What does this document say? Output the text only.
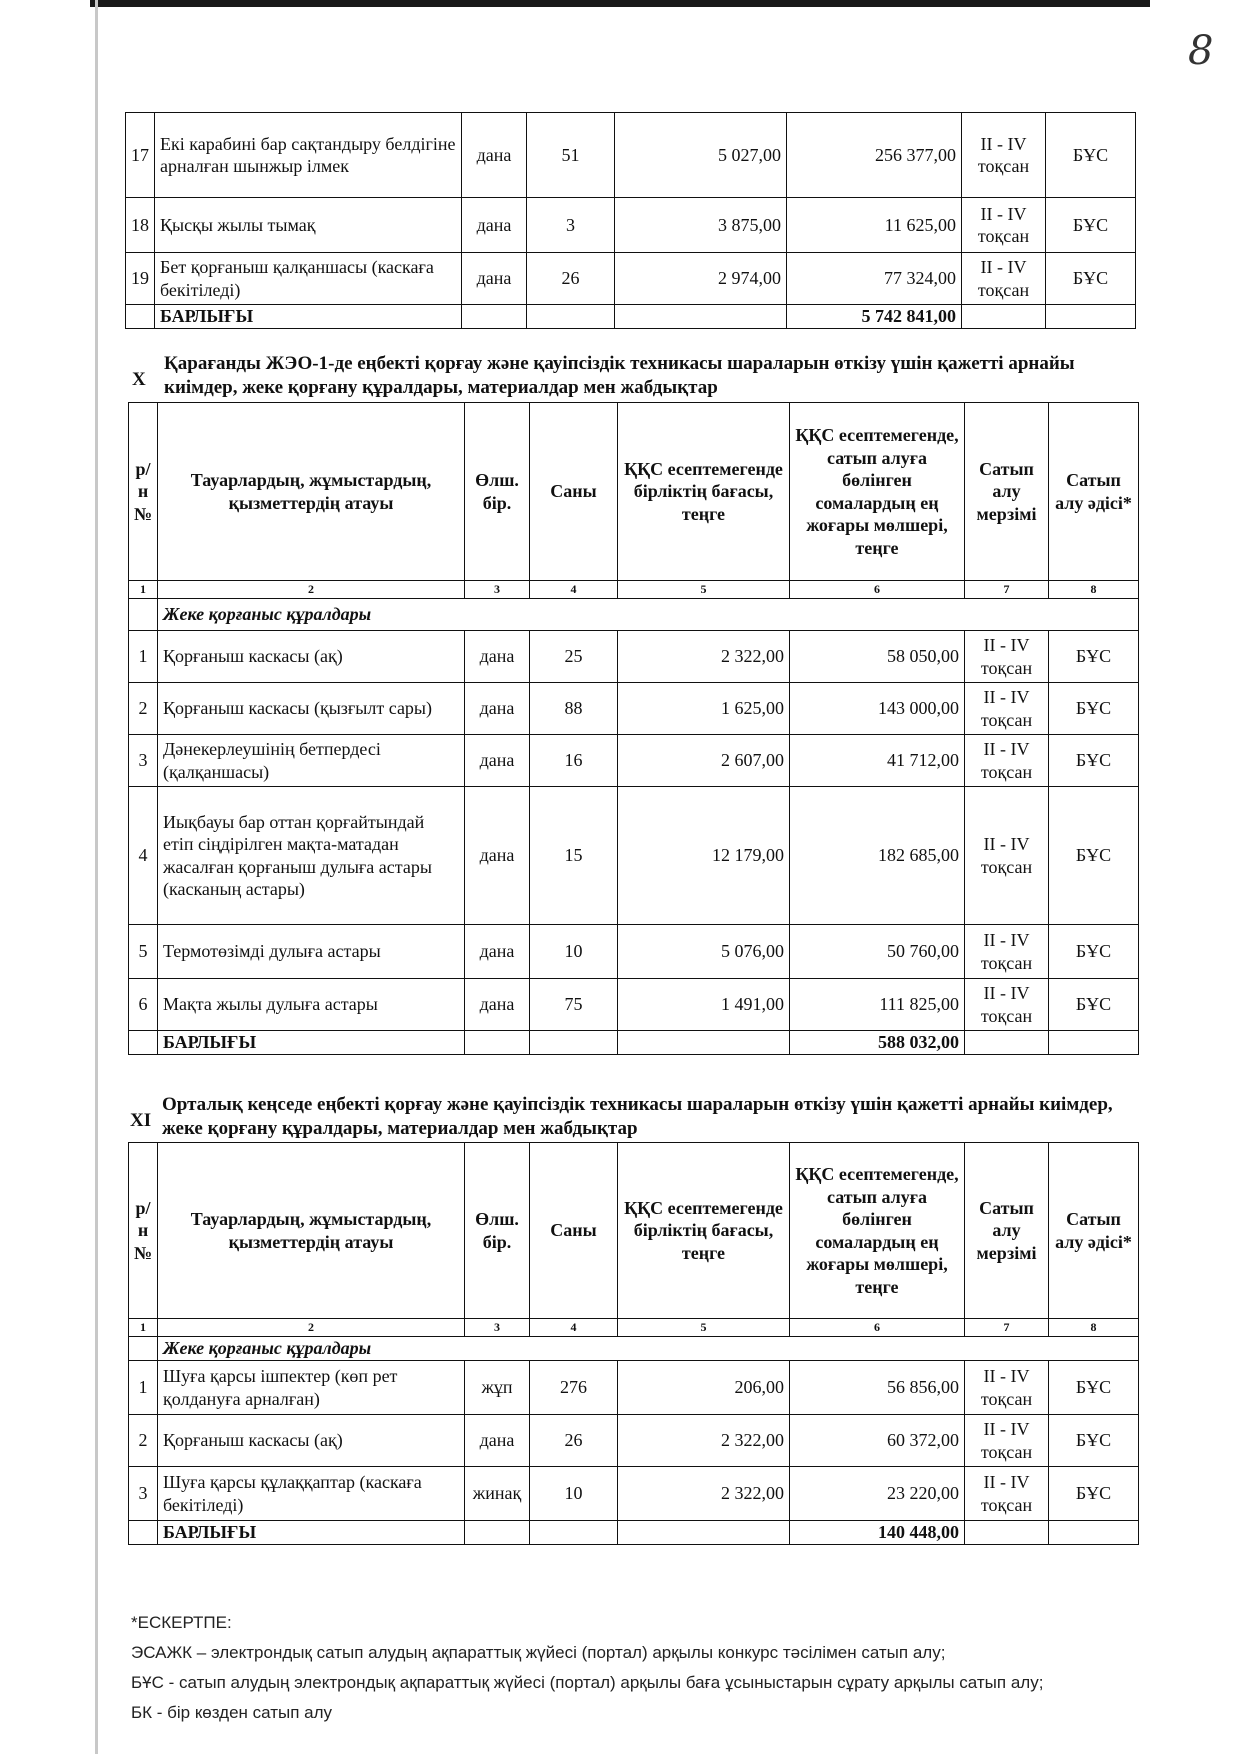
8
17	Екі карабині бар сақтандыру белдігіне арналған шынжыр ілмек	дана	51	5 027,00	256 377,00	II - IV тоқсан	БҰС
18	Қысқы жылы тымақ	дана	3	3 875,00	11 625,00	II - IV тоқсан	БҰС
19	Бет қорғаныш қалқаншасы (каскаға бекітіледі)	дана	26	2 974,00	77 324,00	II - IV тоқсан	БҰС
	БАРЛЫҒЫ				5 742 841,00		
X
Қарағанды ЖЭО-1-де еңбекті қорғау және қауіпсіздік техникасы шараларын өткізу үшін қажетті арнайы киімдер, жеке қорғану құралдары, материалдар мен жабдықтар
р/н №	Тауарлардың, жұмыстардың, қызметтердің атауы	Өлш. бір.	Саны	ҚҚС есептемегенде бірліктің бағасы, теңге	ҚҚС есептемегенде, сатып алуға бөлінген сомалардың ең жоғары мөлшері, теңге	Сатып алу мерзімі	Сатып алу әдісі*
1	2	3	4	5	6	7	8
	Жеке қорғаныс құралдары						
1	Қорғаныш каскасы (ақ)	дана	25	2 322,00	58 050,00	II - IV тоқсан	БҰС
2	Қорғаныш каскасы (қызғылт сары)	дана	88	1 625,00	143 000,00	II - IV тоқсан	БҰС
3	Дәнекерлеушінің бетпердесі (қалқаншасы)	дана	16	2 607,00	41 712,00	II - IV тоқсан	БҰС
4	Иықбауы бар оттан қорғайтындай етіп сіңдірілген мақта-матадан жасалған қорғаныш дулыға астары (касканың астары)	дана	15	12 179,00	182 685,00	II - IV тоқсан	БҰС
5	Термотөзімді дулыға астары	дана	10	5 076,00	50 760,00	II - IV тоқсан	БҰС
6	Мақта жылы дулыға астары	дана	75	1 491,00	111 825,00	II - IV тоқсан	БҰС
	БАРЛЫҒЫ				588 032,00		
XI
Орталық кеңседе еңбекті қорғау және қауіпсіздік техникасы шараларын өткізу үшін қажетті арнайы киімдер, жеке қорғану құралдары, материалдар мен жабдықтар
р/н №	Тауарлардың, жұмыстардың, қызметтердің атауы	Өлш. бір.	Саны	ҚҚС есептемегенде бірліктің бағасы, теңге	ҚҚС есептемегенде, сатып алуға бөлінген сомалардың ең жоғары мөлшері, теңге	Сатып алу мерзімі	Сатып алу әдісі*
1	2	3	4	5	6	7	8
	Жеке қорғаныс құралдары						
1	Шуға қарсы ішпектер (көп рет қолдануға арналған)	жұп	276	206,00	56 856,00	II - IV тоқсан	БҰС
2	Қорғаныш каскасы (ақ)	дана	26	2 322,00	60 372,00	II - IV тоқсан	БҰС
3	Шуға қарсы құлаққаптар (каскаға бекітіледі)	жинақ	10	2 322,00	23 220,00	II - IV тоқсан	БҰС
	БАРЛЫҒЫ				140 448,00		
*ЕСКЕРТПЕ:
ЭСАЖК – электрондық сатып алудың ақпараттық жүйесі (портал) арқылы конкурс тәсілімен сатып алу;
БҰС - сатып алудың электрондық ақпараттық жүйесі (портал) арқылы баға ұсыныстарын сұрату арқылы сатып алу;
БК - бір көзден сатып алу
